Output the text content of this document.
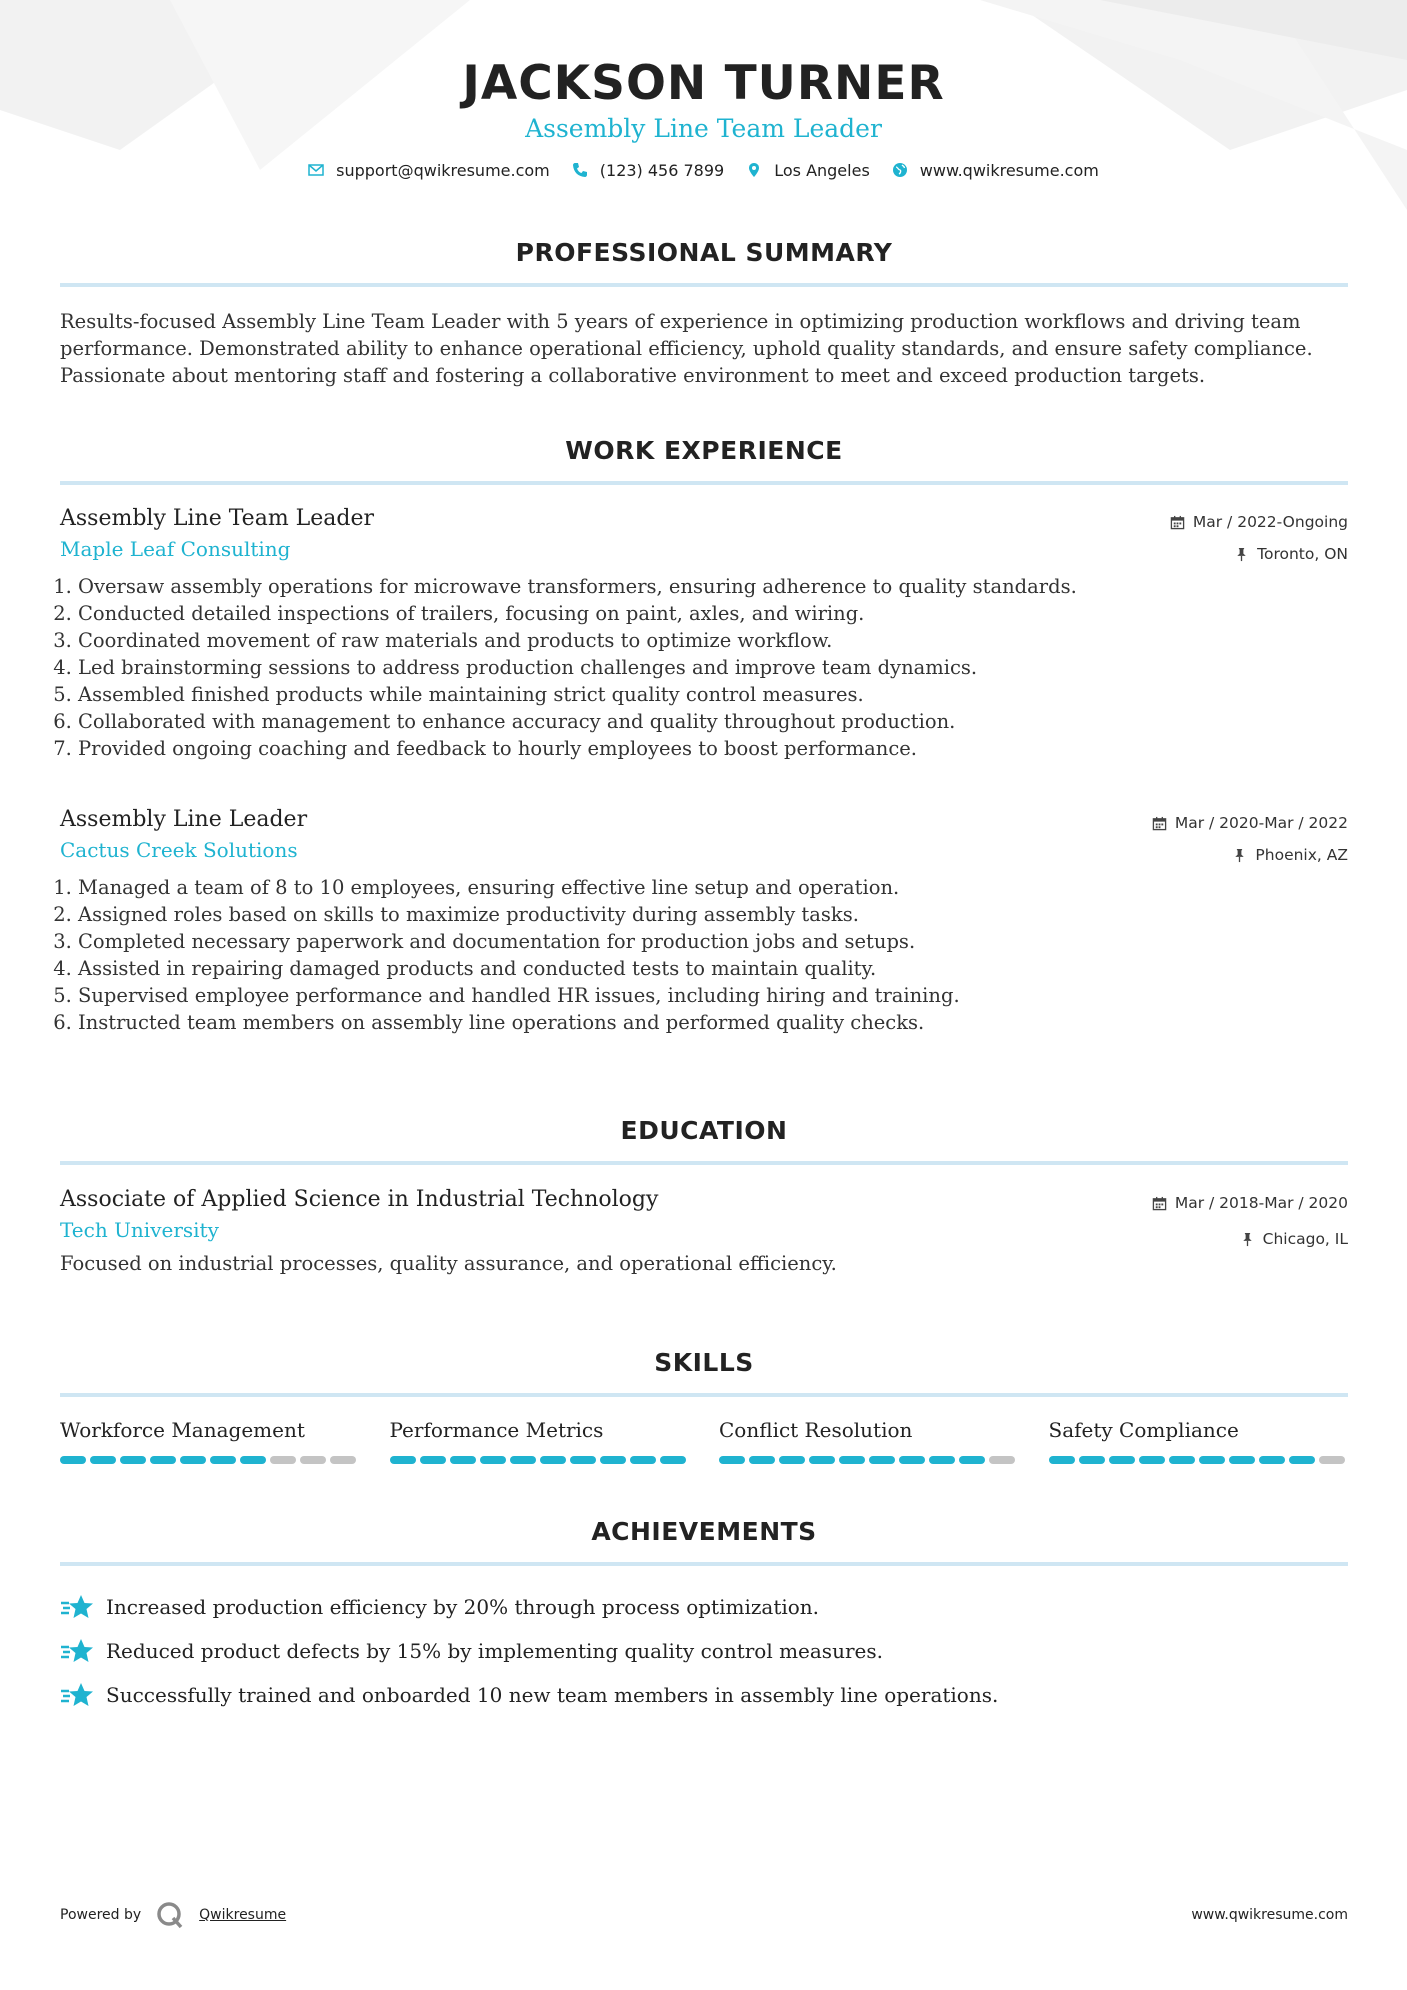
JACKSON TURNER
Assembly Line Team Leader
support@qwikresume.com	(123) 456 7899	Los Angeles	www.qwikresume.com
PROFESSIONAL SUMMARY
Results-focused Assembly Line Team Leader with 5 years of experience in optimizing production workflows and driving team performance. Demonstrated ability to enhance operational efficiency, uphold quality standards, and ensure safety compliance. Passionate about mentoring staff and fostering a collaborative environment to meet and exceed production targets.
WORK EXPERIENCE
Assembly Line Team Leader
Maple Leaf Consulting
Mar / 2022-Ongoing
Toronto, ON
1. Oversaw assembly operations for microwave transformers, ensuring adherence to quality standards.
2. Conducted detailed inspections of trailers, focusing on paint, axles, and wiring.
3. Coordinated movement of raw materials and products to optimize workflow.
4. Led brainstorming sessions to address production challenges and improve team dynamics.
5. Assembled finished products while maintaining strict quality control measures.
6. Collaborated with management to enhance accuracy and quality throughout production.
7. Provided ongoing coaching and feedback to hourly employees to boost performance.
Assembly Line Leader
Cactus Creek Solutions
Mar / 2020-Mar / 2022
Phoenix, AZ
1. Managed a team of 8 to 10 employees, ensuring effective line setup and operation.
2. Assigned roles based on skills to maximize productivity during assembly tasks.
3. Completed necessary paperwork and documentation for production jobs and setups.
4. Assisted in repairing damaged products and conducted tests to maintain quality.
5. Supervised employee performance and handled HR issues, including hiring and training.
6. Instructed team members on assembly line operations and performed quality checks.
EDUCATION
Associate of Applied Science in Industrial Technology
Tech University
Mar / 2018-Mar / 2020
Chicago, IL
Focused on industrial processes, quality assurance, and operational efficiency.
SKILLS
Workforce Management	Performance Metrics	Conflict Resolution	Safety Compliance
ACHIEVEMENTS
Increased production efficiency by 20% through process optimization.
Reduced product defects by 15% by implementing quality control measures.
Successfully trained and onboarded 10 new team members in assembly line operations.
Powered by	Qwikresume	www.qwikresume.com
